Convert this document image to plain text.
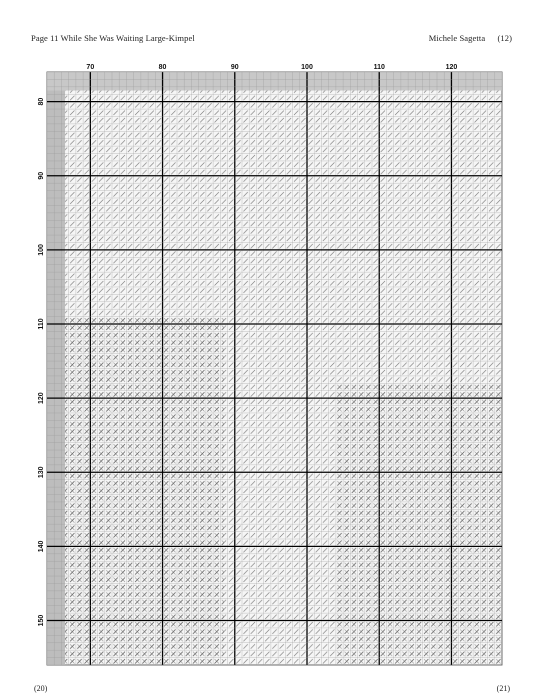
Page 11 While She Was Waiting Large-Kimpel	Michele Sagetta (12)
70	80	90	100	110	120
80
90
100
110
120
130
140
150
(20)	(21)
